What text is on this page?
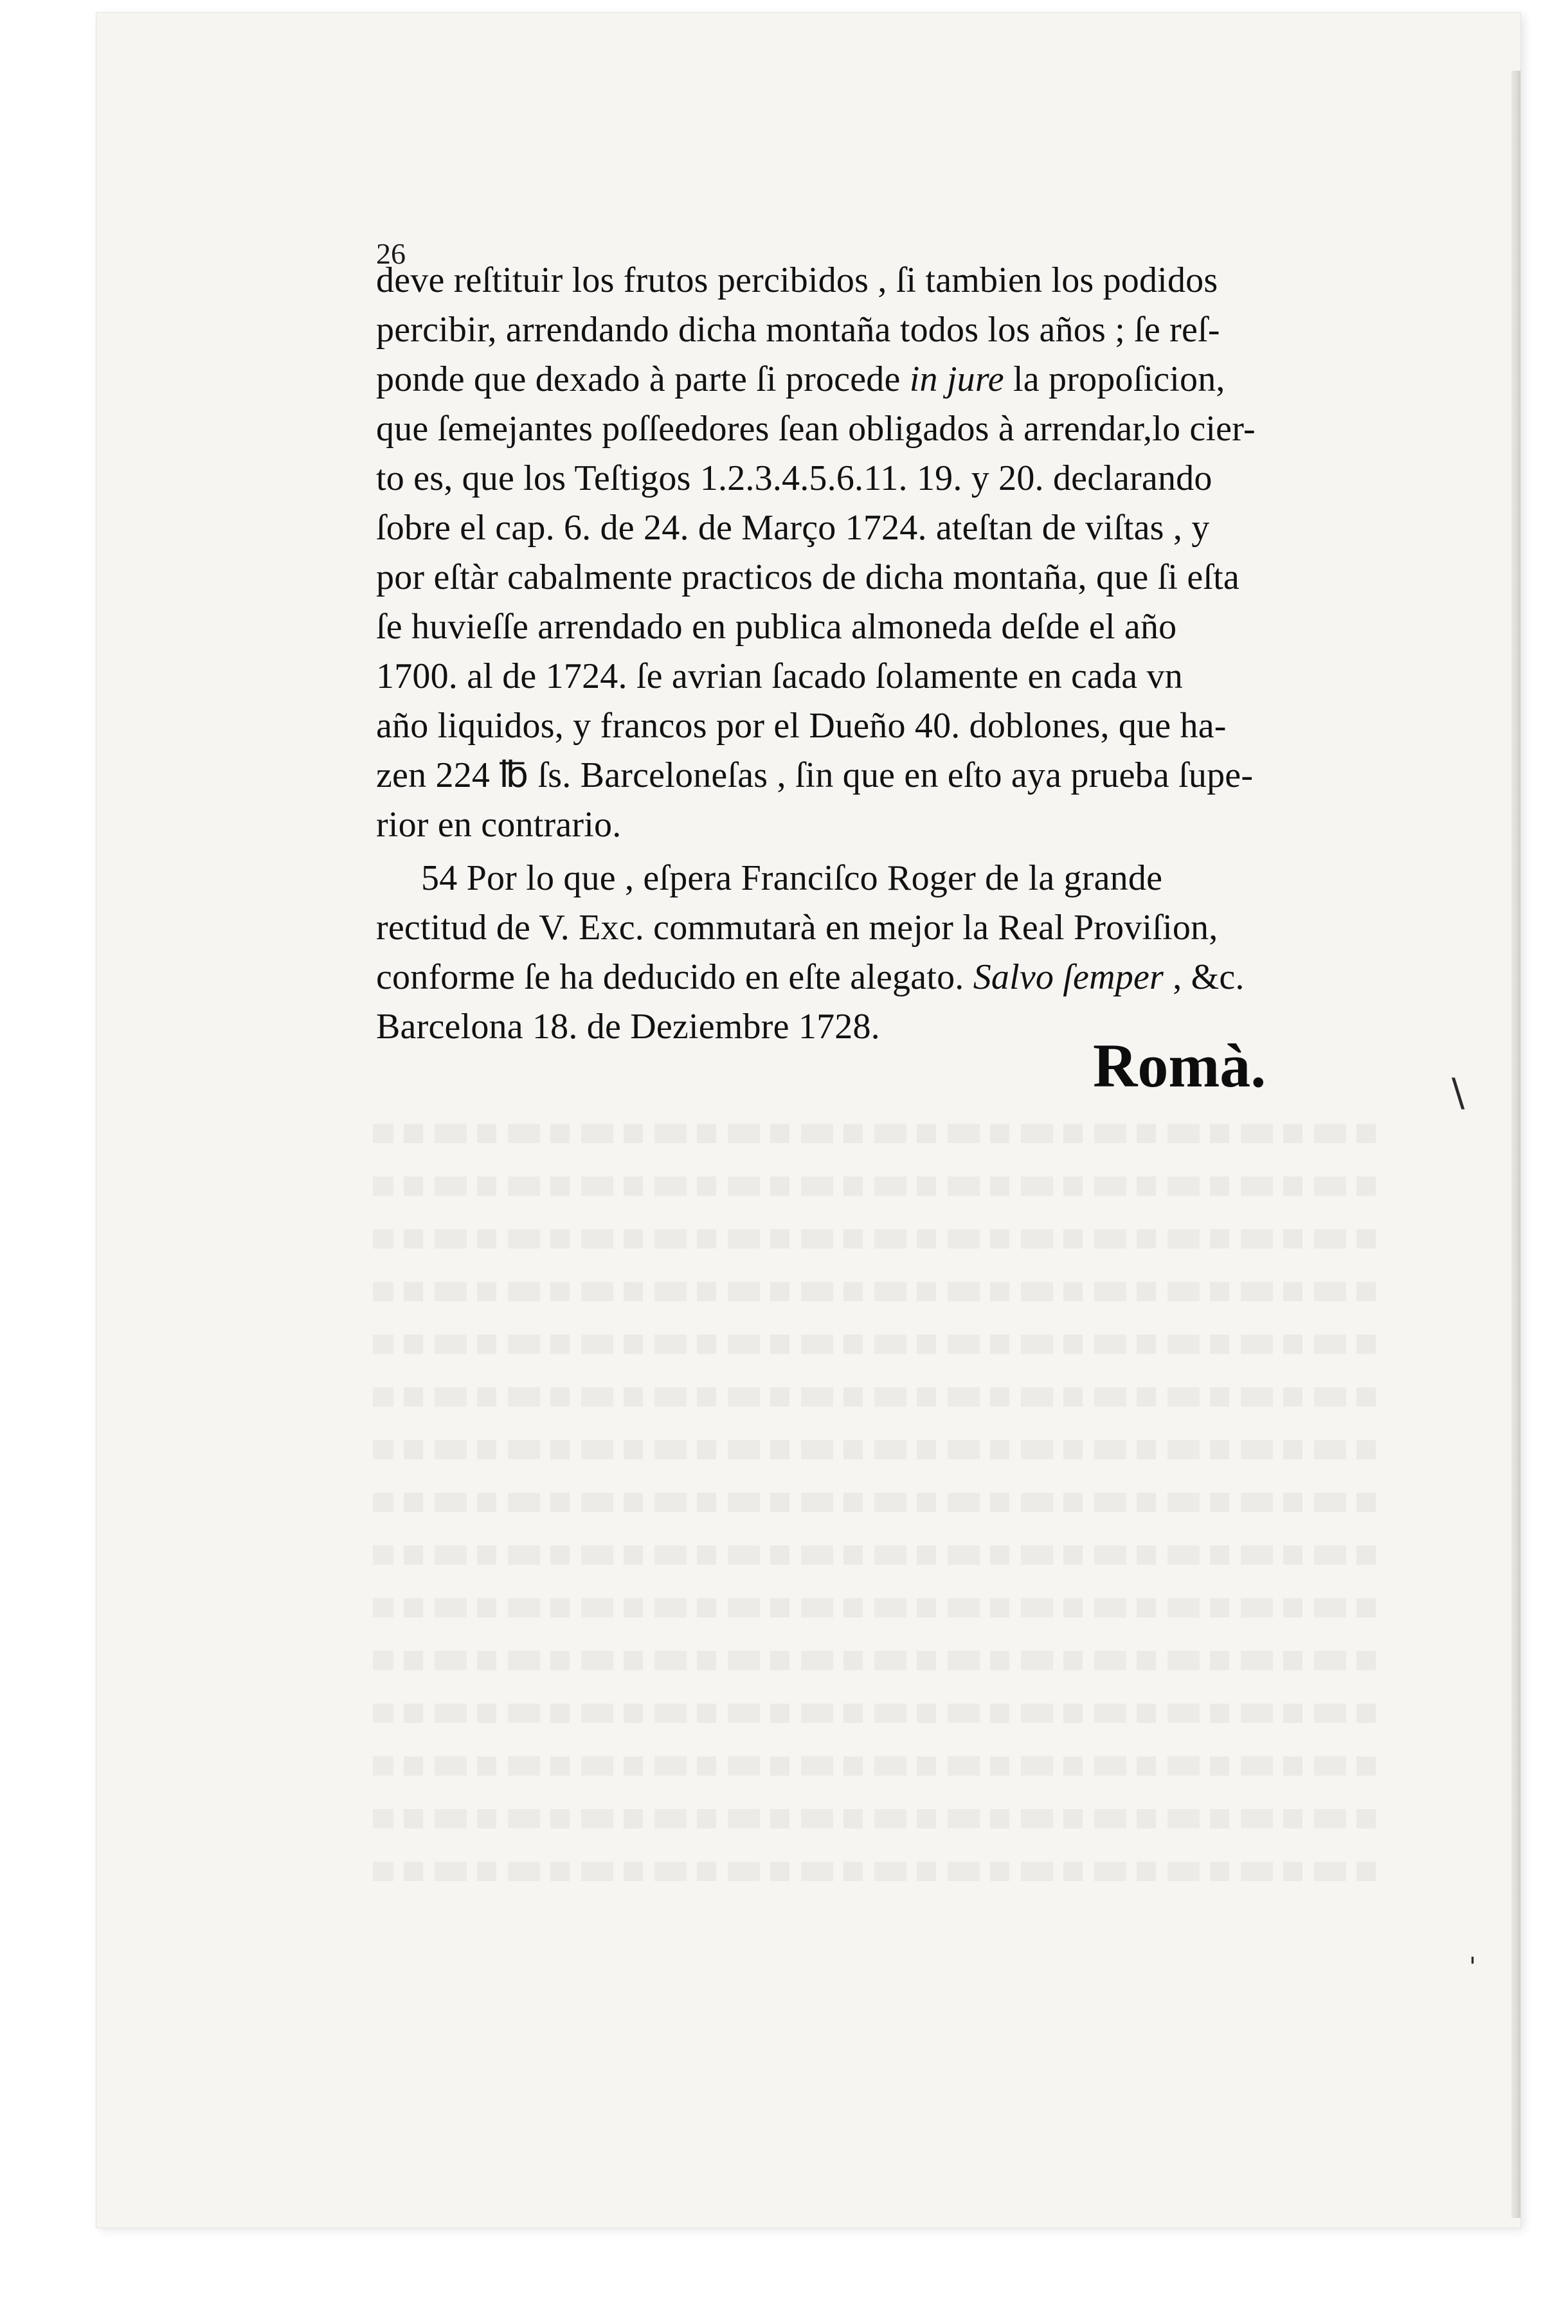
\
'
26
deve reſtituir los frutos percibidos , ſi tambien los podidos
percibir, arrendando dicha montaña todos los años ; ſe reſ-
ponde que dexado à parte ſi procede in jure la propoſicion,
que ſemejantes poſſeedores ſean obligados à arrendar,lo cier-
to es, que los Teſtigos 1.2.3.4.5.6.11. 19. y 20. declarando
ſobre el cap. 6. de 24. de Março 1724. ateſtan de viſtas , y
por eſtàr cabalmente practicos de dicha montaña, que ſi eſta
ſe huvieſſe arrendado en publica almoneda deſde el año
1700. al de 1724. ſe avrian ſacado ſolamente en cada vn
año liquidos, y francos por el Dueño 40. doblones, que ha-
zen 224 ℔ ſs. Barceloneſas , ſin que en eſto aya prueba ſupe-
rior en contrario.
54 Por lo que , eſpera Franciſco Roger de la grande
rectitud de V. Exc. commutarà en mejor la Real Proviſion,
conforme ſe ha deducido en eſte alegato. Salvo ſemper , &c.
Barcelona 18. de Deziembre 1728.
Romà.
